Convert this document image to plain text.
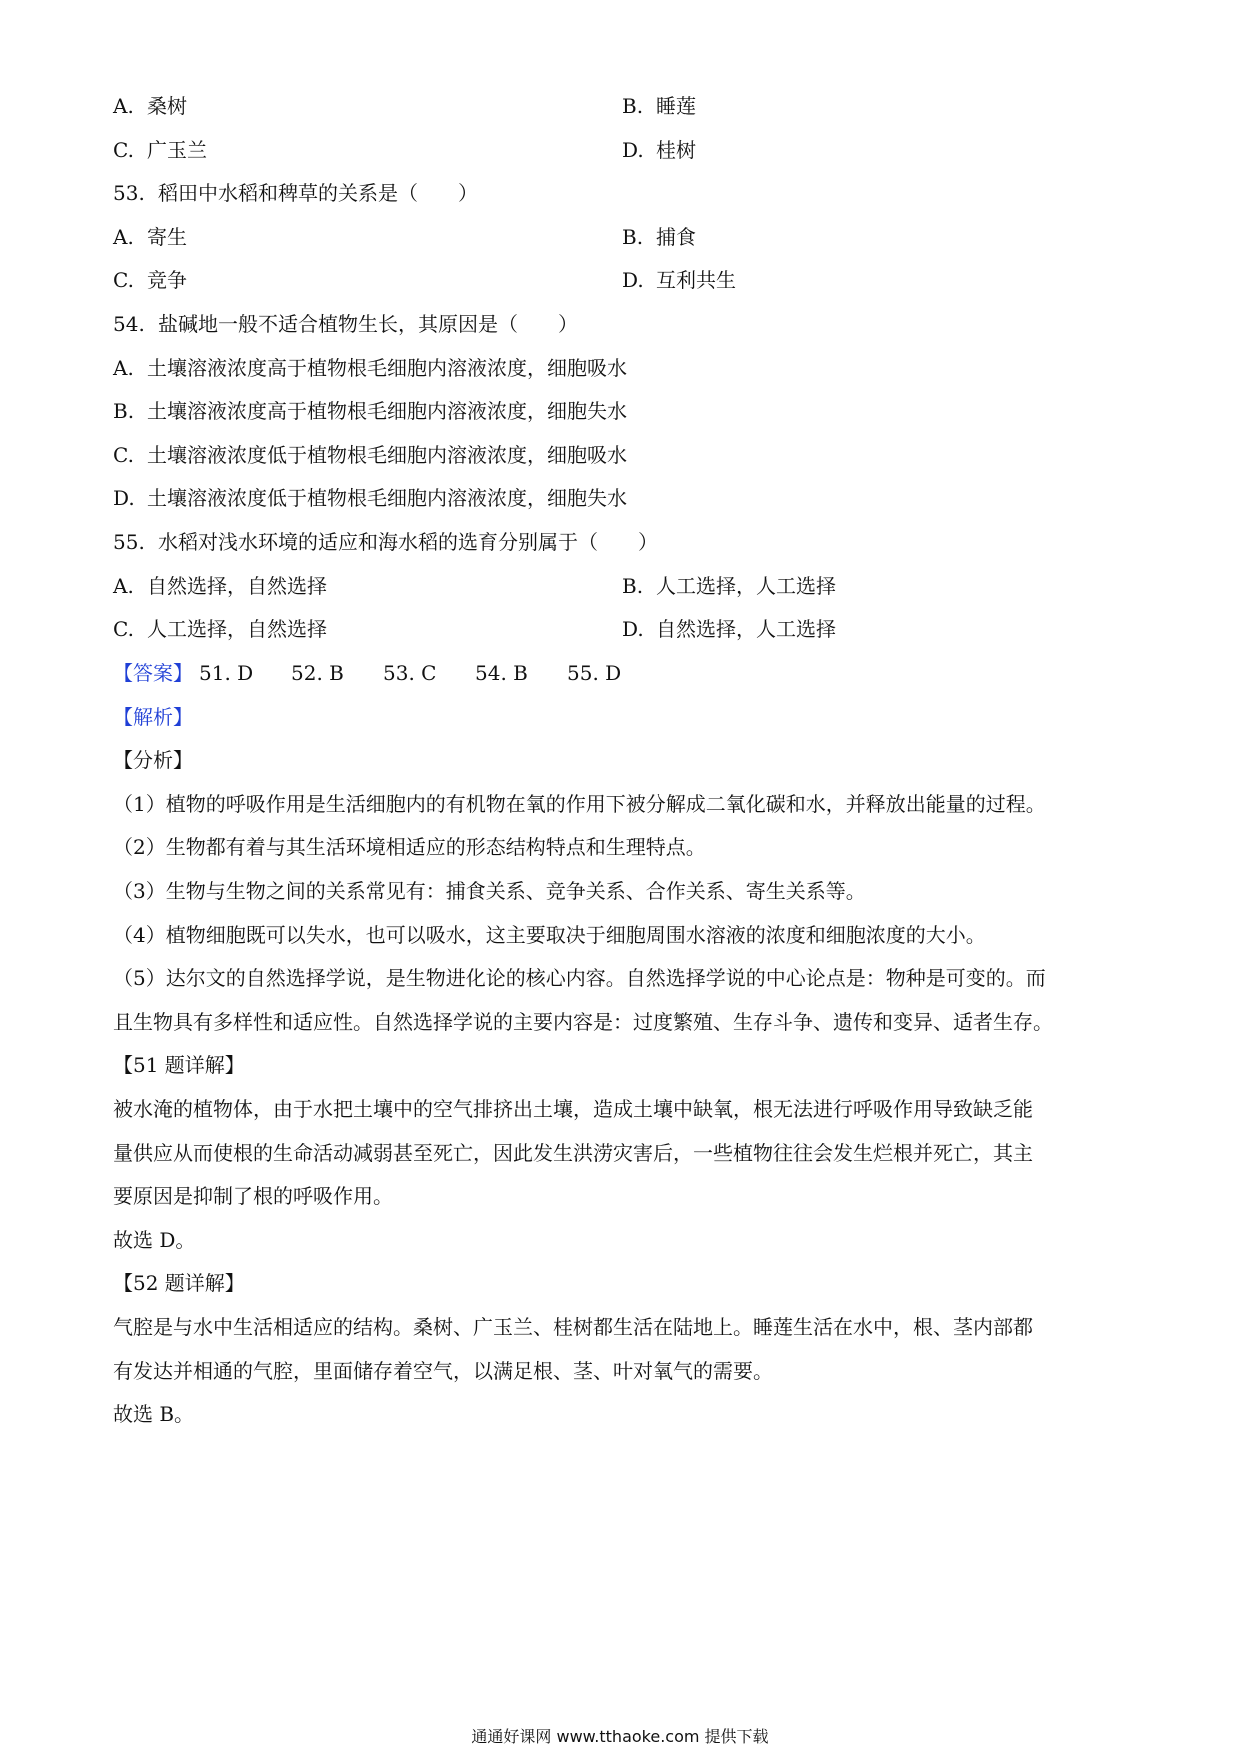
A. 桑树	B. 睡莲
C. 广玉兰	D. 桂树
53. 稻田中水稻和稗草的关系是（　　）
A. 寄生	B. 捕食
C. 竞争	D. 互利共生
54. 盐碱地一般不适合植物生长，其原因是（　　）
A. 土壤溶液浓度高于植物根毛细胞内溶液浓度，细胞吸水
B. 土壤溶液浓度高于植物根毛细胞内溶液浓度，细胞失水
C. 土壤溶液浓度低于植物根毛细胞内溶液浓度，细胞吸水
D. 土壤溶液浓度低于植物根毛细胞内溶液浓度，细胞失水
55. 水稻对浅水环境的适应和海水稻的选育分别属于（　　）
A. 自然选择，自然选择	B. 人工选择，人工选择
C. 人工选择，自然选择	D. 自然选择，人工选择
【答案】 51. D 52. B 53. C 54. B 55. D
【解析】
【分析】
（1）植物的呼吸作用是生活细胞内的有机物在氧的作用下被分解成二氧化碳和水，并释放出能量的过程。
（2）生物都有着与其生活环境相适应的形态结构特点和生理特点。
（3）生物与生物之间的关系常见有：捕食关系、竞争关系、合作关系、寄生关系等。
（4）植物细胞既可以失水，也可以吸水，这主要取决于细胞周围水溶液的浓度和细胞浓度的大小。
（5）达尔文的自然选择学说，是生物进化论的核心内容。自然选择学说的中心论点是：物种是可变的。而
且生物具有多样性和适应性。自然选择学说的主要内容是：过度繁殖、生存斗争、遗传和变异、适者生存。
【51 题详解】
被水淹的植物体，由于水把土壤中的空气排挤出土壤，造成土壤中缺氧，根无法进行呼吸作用导致缺乏能
量供应从而使根的生命活动减弱甚至死亡，因此发生洪涝灾害后，一些植物往往会发生烂根并死亡，其主
要原因是抑制了根的呼吸作用。
故选 D。
【52 题详解】
气腔是与水中生活相适应的结构。桑树、广玉兰、桂树都生活在陆地上。睡莲生活在水中，根、茎内部都
有发达并相通的气腔，里面储存着空气，以满足根、茎、叶对氧气的需要。
故选 B。
通通好课网 www.tthaoke.com 提供下载
